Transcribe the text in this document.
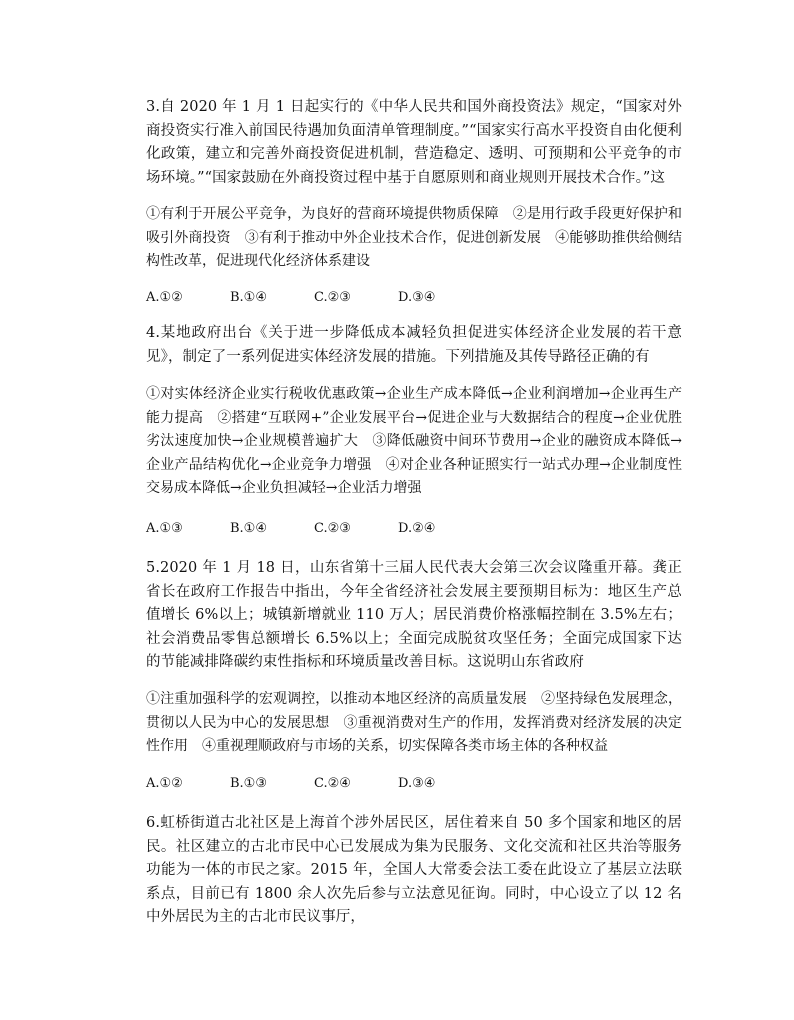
3.自 2020 年 1 月 1 日起实行的《中华人民共和国外商投资法》规定，“国家对外商投资实行准入前国民待遇加负面清单管理制度。”“国家实行高水平投资自由化便利化政策，建立和完善外商投资促进机制，营造稳定、透明、可预期和公平竞争的市场环境。”“国家鼓励在外商投资过程中基于自愿原则和商业规则开展技术合作。”这

①有利于开展公平竞争，为良好的营商环境提供物质保障　②是用行政手段更好保护和吸引外商投资　③有利于推动中外企业技术合作，促进创新发展　④能够助推供给侧结构性改革，促进现代化经济体系建设

A.①②	B.①④	C.②③	D.③④

4.某地政府出台《关于进一步降低成本减轻负担促进实体经济企业发展的若干意见》，制定了一系列促进实体经济发展的措施。下列措施及其传导路径正确的有

①对实体经济企业实行税收优惠政策→企业生产成本降低→企业利润增加→企业再生产能力提高　②搭建“互联网+”企业发展平台→促进企业与大数据结合的程度→企业优胜劣汰速度加快→企业规模普遍扩大　③降低融资中间环节费用→企业的融资成本降低→企业产品结构优化→企业竞争力增强　④对企业各种证照实行一站式办理→企业制度性交易成本降低→企业负担减轻→企业活力增强

A.①③	B.①④	C.②③	D.②④

5.2020 年 1 月 18 日，山东省第十三届人民代表大会第三次会议隆重开幕。龚正省长在政府工作报告中指出，今年全省经济社会发展主要预期目标为：地区生产总值增长 6%以上；城镇新增就业 110 万人；居民消费价格涨幅控制在 3.5%左右；社会消费品零售总额增长 6.5%以上；全面完成脱贫攻坚任务；全面完成国家下达的节能减排降碳约束性指标和环境质量改善目标。这说明山东省政府

①注重加强科学的宏观调控，以推动本地区经济的高质量发展　②坚持绿色发展理念，贯彻以人民为中心的发展思想　③重视消费对生产的作用，发挥消费对经济发展的决定性作用　④重视理顺政府与市场的关系，切实保障各类市场主体的各种权益

A.①②	B.①③	C.②④	D.③④

6.虹桥街道古北社区是上海首个涉外居民区，居住着来自 50 多个国家和地区的居民。社区建立的古北市民中心已发展成为集为民服务、文化交流和社区共治等服务功能为一体的市民之家。2015 年，全国人大常委会法工委在此设立了基层立法联系点，目前已有 1800 余人次先后参与立法意见征询。同时，中心设立了以 12 名中外居民为主的古北市民议事厅，
